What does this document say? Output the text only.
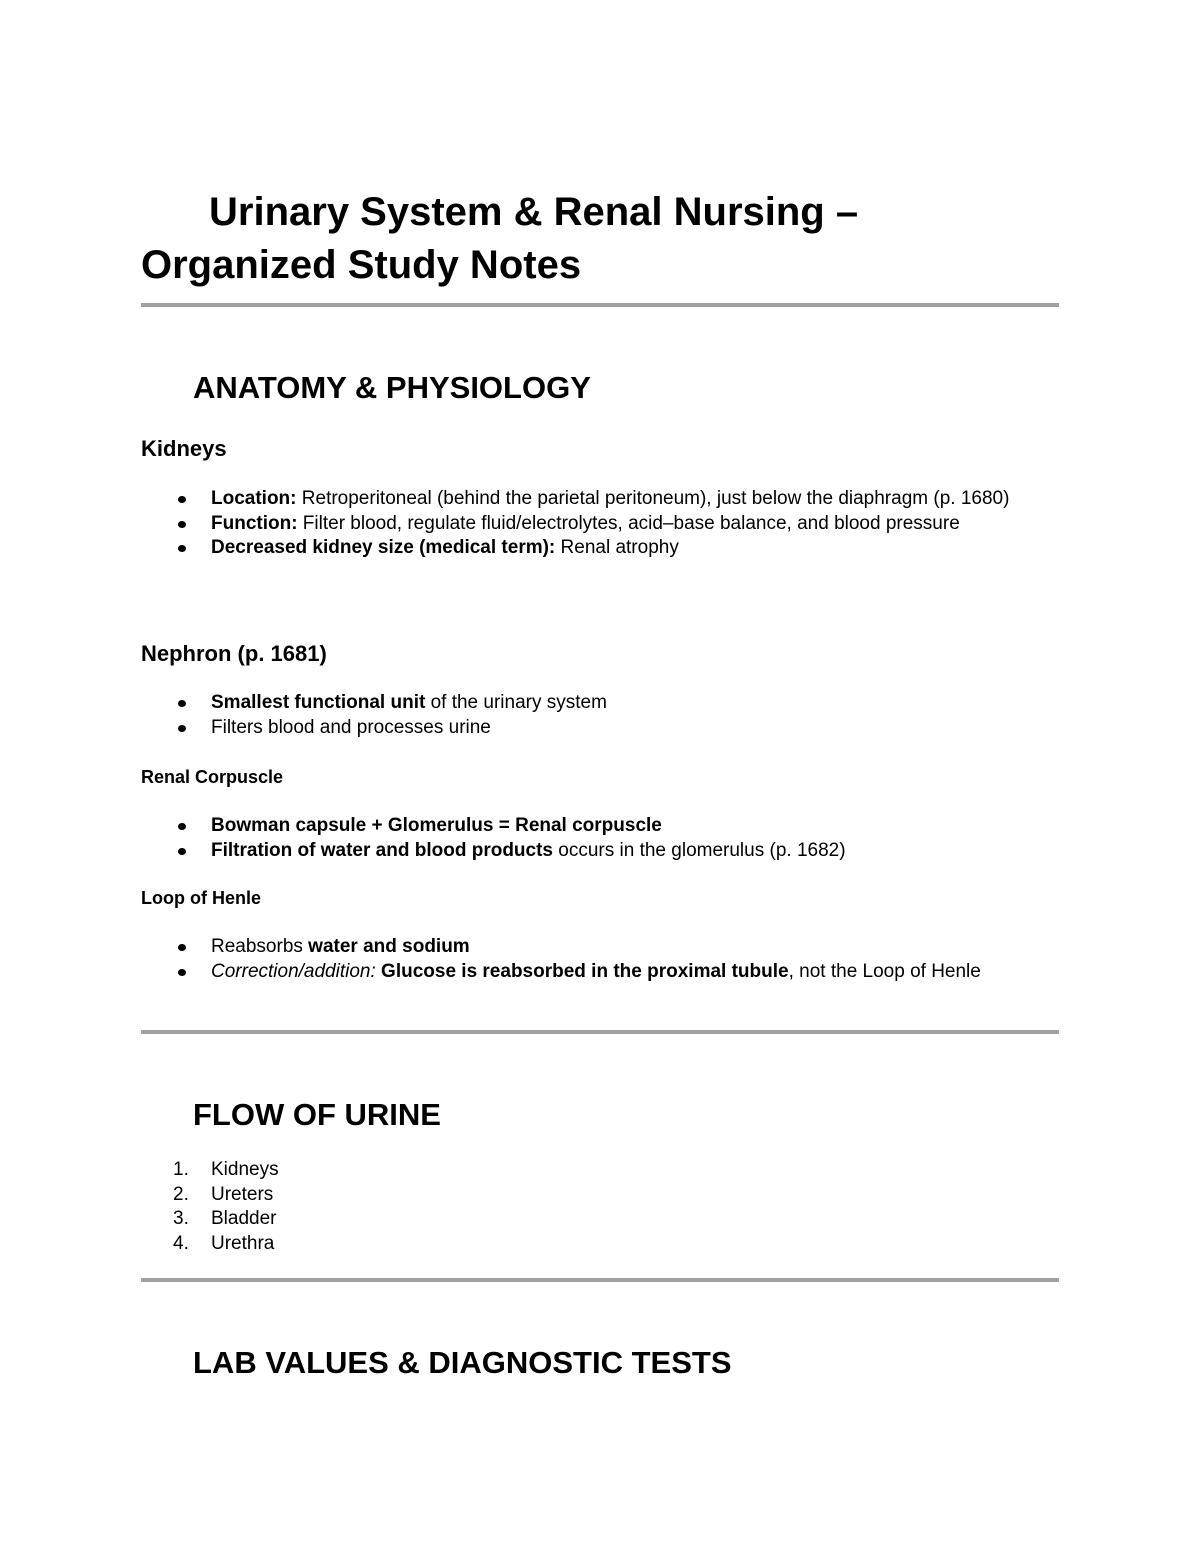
Urinary System & Renal Nursing – Organized Study Notes
ANATOMY & PHYSIOLOGY
Kidneys
Location: Retroperitoneal (behind the parietal peritoneum), just below the diaphragm (p. 1680)
Function: Filter blood, regulate fluid/electrolytes, acid–base balance, and blood pressure
Decreased kidney size (medical term): Renal atrophy
Nephron (p. 1681)
Smallest functional unit of the urinary system
Filters blood and processes urine
Renal Corpuscle
Bowman capsule + Glomerulus = Renal corpuscle
Filtration of water and blood products occurs in the glomerulus (p. 1682)
Loop of Henle
Reabsorbs water and sodium
Correction/addition: Glucose is reabsorbed in the proximal tubule, not the Loop of Henle
FLOW OF URINE
1. Kidneys
2. Ureters
3. Bladder
4. Urethra
LAB VALUES & DIAGNOSTIC TESTS
